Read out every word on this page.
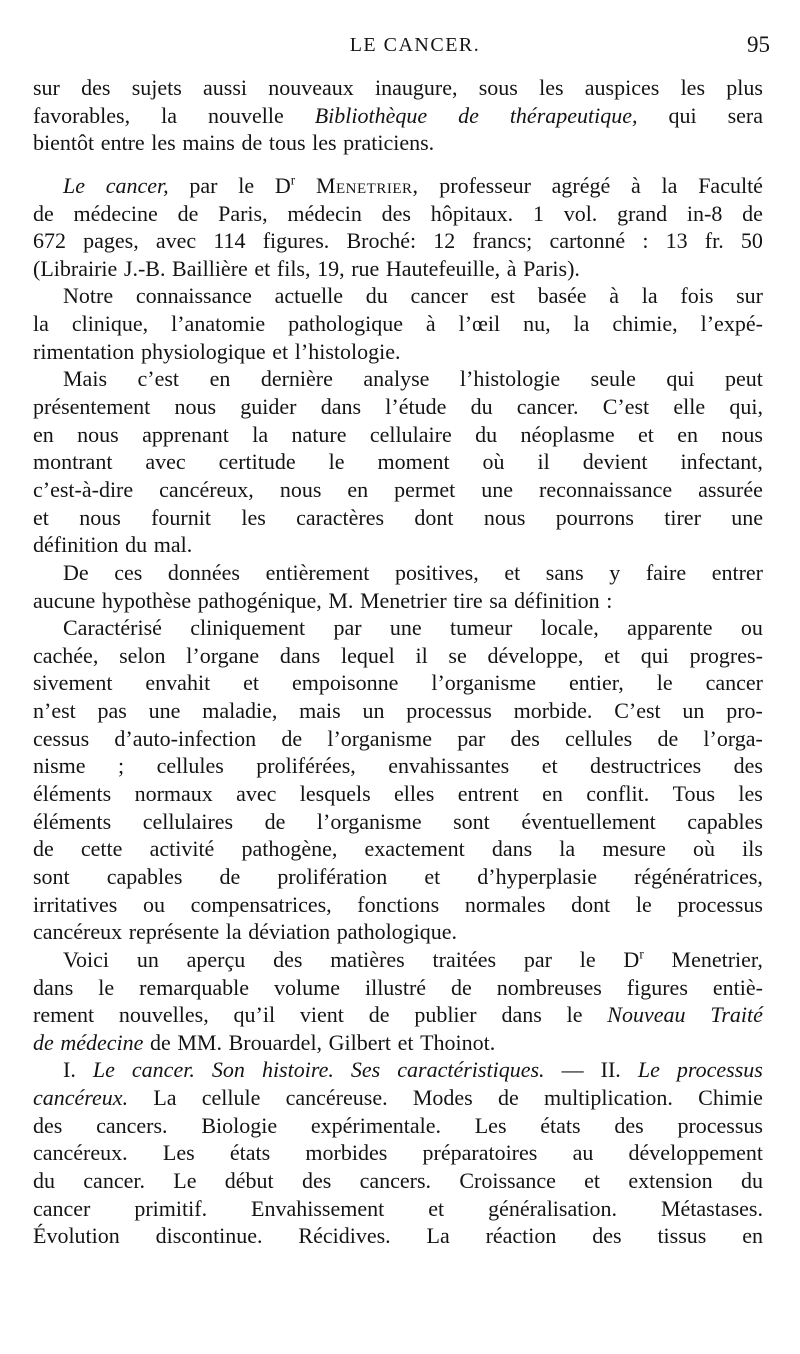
LE CANCER.	95
sur des sujets aussi nouveaux inaugure, sous les auspices les plus
favorables, la nouvelle Bibliothèque de thérapeutique, qui sera
bientôt entre les mains de tous les praticiens.
Le cancer, par le $D^r$ Menetrier, professeur agrégé à la Faculté
de médecine de Paris, médecin des hôpitaux. 1 vol. grand in-8 de
672 pages, avec 114 figures. Broché: 12 francs; cartonné : 13 fr. 50
(Librairie J.-B. Baillière et fils, 19, rue Hautefeuille, à Paris).
Notre connaissance actuelle du cancer est basée à la fois sur
la clinique, l’anatomie pathologique à l’œil nu, la chimie, l’expé-
rimentation physiologique et l’histologie.
Mais c’est en dernière analyse l’histologie seule qui peut
présentement nous guider dans l’étude du cancer. C’est elle qui,
en nous apprenant la nature cellulaire du néoplasme et en nous
montrant avec certitude le moment où il devient infectant,
c’est-à-dire cancéreux, nous en permet une reconnaissance assurée
et nous fournit les caractères dont nous pourrons tirer une
définition du mal.
De ces données entièrement positives, et sans y faire entrer
aucune hypothèse pathogénique, M. Menetrier tire sa définition :
Caractérisé cliniquement par une tumeur locale, apparente ou
cachée, selon l’organe dans lequel il se développe, et qui progres-
sivement envahit et empoisonne l’organisme entier, le cancer
n’est pas une maladie, mais un processus morbide. C’est un pro-
cessus d’auto-infection de l’organisme par des cellules de l’orga-
nisme ; cellules proliférées, envahissantes et destructrices des
éléments normaux avec lesquels elles entrent en conflit. Tous les
éléments cellulaires de l’organisme sont éventuellement capables
de cette activité pathogène, exactement dans la mesure où ils
sont capables de prolifération et d’hyperplasie régénératrices,
irritatives ou compensatrices, fonctions normales dont le processus
cancéreux représente la déviation pathologique.
Voici un aperçu des matières traitées par le $D^r$ Menetrier,
dans le remarquable volume illustré de nombreuses figures entiè-
rement nouvelles, qu’il vient de publier dans le Nouveau Traité
de médecine de MM. Brouardel, Gilbert et Thoinot.
I. Le cancer. Son histoire. Ses caractéristiques. — II. Le processus
cancéreux. La cellule cancéreuse. Modes de multiplication. Chimie
des cancers. Biologie expérimentale. Les états des processus
cancéreux. Les états morbides préparatoires au développement
du cancer. Le début des cancers. Croissance et extension du
cancer primitif. Envahissement et généralisation. Métastases.
Évolution discontinue. Récidives. La réaction des tissus en
